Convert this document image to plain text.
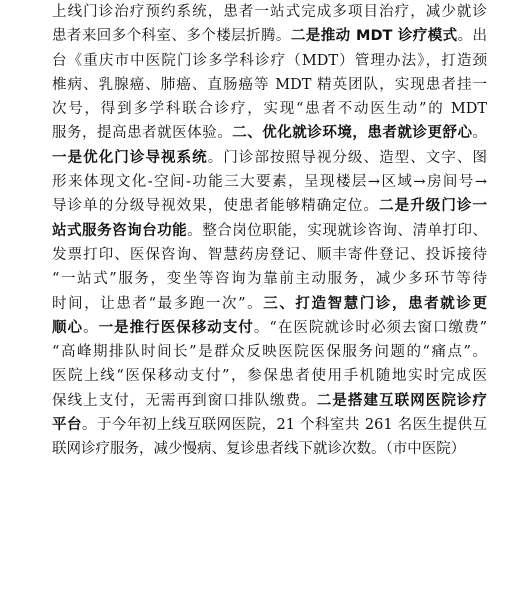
上线门诊治疗预约系统，患者一站式完成多项目治疗，减少就诊
患者来回多个科室、多个楼层折腾。二是推动 MDT 诊疗模式。出
台《重庆市中医院门诊多学科诊疗（MDT）管理办法》，打造颈
椎病、乳腺癌、肺癌、直肠癌等 MDT 精英团队，实现患者挂一
次号，得到多学科联合诊疗，实现“患者不动医生动”的 MDT
服务，提高患者就医体验。二、优化就诊环境，患者就诊更舒心。
一是优化门诊导视系统。门诊部按照导视分级、造型、文字、图
形来体现文化-空间-功能三大要素，呈现楼层→区域→房间号→
导诊单的分级导视效果，使患者能够精确定位。二是升级门诊一
站式服务咨询台功能。整合岗位职能，实现就诊咨询、清单打印、
发票打印、医保咨询、智慧药房登记、顺丰寄件登记、投诉接待
“一站式”服务，变坐等咨询为靠前主动服务，减少多环节等待
时间，让患者“最多跑一次”。三、打造智慧门诊，患者就诊更
顺心。一是推行医保移动支付。“在医院就诊时必须去窗口缴费”
“高峰期排队时间长”是群众反映医院医保服务问题的“痛点”。
医院上线“医保移动支付”，参保患者使用手机随地实时完成医
保线上支付，无需再到窗口排队缴费。二是搭建互联网医院诊疗
平台。于今年初上线互联网医院，21 个科室共 261 名医生提供互
联网诊疗服务，减少慢病、复诊患者线下就诊次数。（市中医院）
